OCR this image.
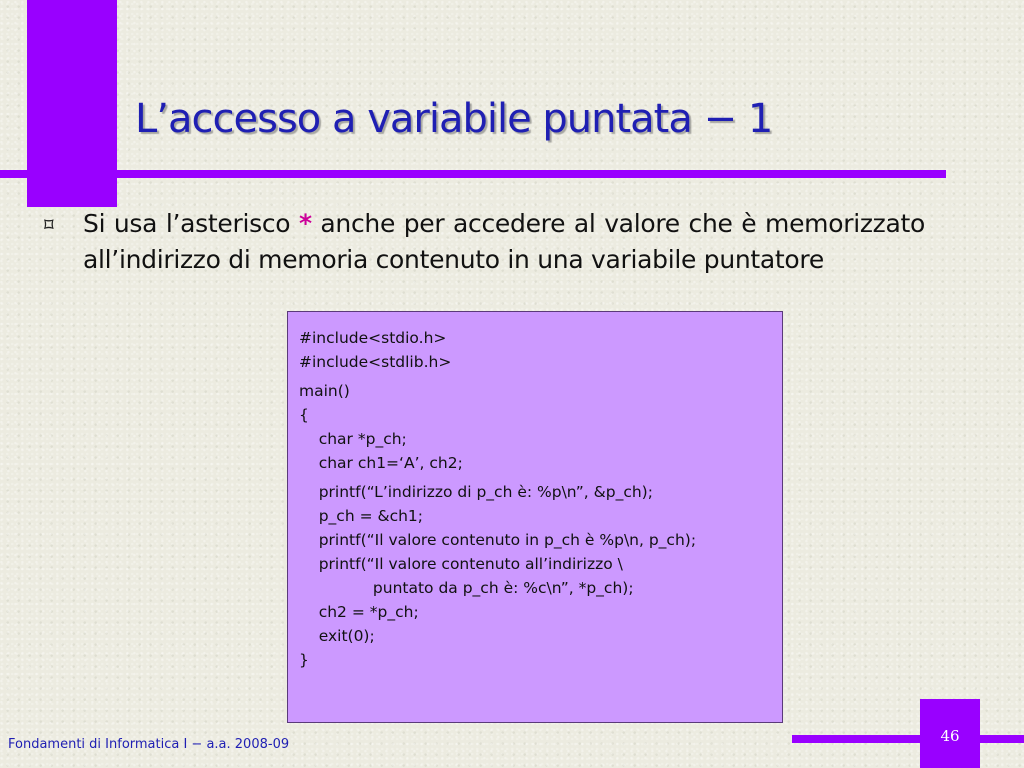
L’accesso a variabile puntata − 1
⌑ Si usa l’asterisco * anche per accedere al valore che è memorizzato all’indirizzo di memoria contenuto in una variabile puntatore

#include<stdio.h>
#include<stdlib.h>
main()
{
char *p_ch;
char ch1=‘A’, ch2;
printf(“L’indirizzo di p_ch è: %p\n”, &p_ch);
p_ch = &ch1;
printf(“Il valore contenuto in p_ch è %p\n, p_ch);
printf(“Il valore contenuto all’indirizzo \
puntato da p_ch è: %c\n”, *p_ch);
ch2 = *p_ch;
exit(0);
}
Fondamenti di Informatica I − a.a. 2008-09	46
